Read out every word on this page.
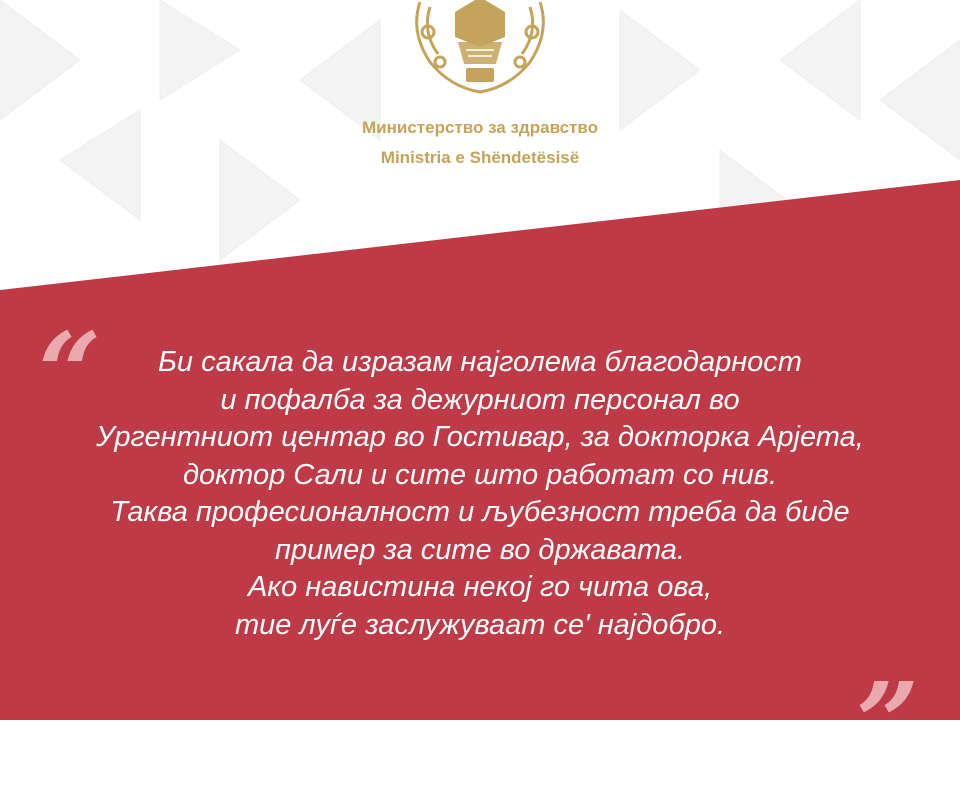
Министерство за здравство
Ministria e Shëndetësisë
“	Би сакала да изразам најголема благодарност
и пофалба за дежурниот персонал во
Ургентниот центар во Гостивар, за докторка Арјета,
доктор Сали и сите што работат со нив.
Таква професионалност и љубезност треба да биде
пример за сите во државата.
Ако навистина некој го чита ова,
тие луѓе заслужуваат се' најдобро.
”
